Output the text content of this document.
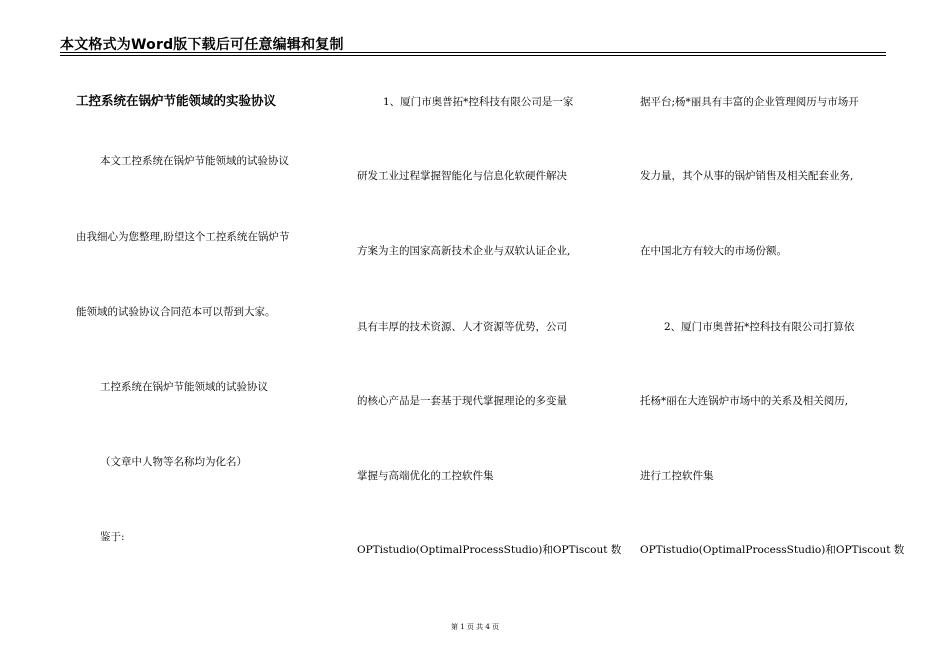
本文格式为Word版下载后可任意编辑和复制
工控系统在锅炉节能领域的实验协议
本文工控系统在锅炉节能领域的试验协议
由我细心为您整理,盼望这个工控系统在锅炉节
能领域的试验协议合同范本可以帮到大家。
工控系统在锅炉节能领域的试验协议
（文章中人物等名称均为化名）
鉴于:
1、厦门市奥普拓*控科技有限公司是一家
研发工业过程掌握智能化与信息化软硬件解决
方案为主的国家高新技术企业与双软认证企业,
具有丰厚的技术资源、人才资源等优势，公司
的核心产品是一套基于现代掌握理论的多变量
掌握与高端优化的工控软件集
OPTistudio(OptimalProcessStudio)和OPTiscout 数
据平台;杨*丽具有丰富的企业管理阅历与市场开
发力量，其个从事的锅炉销售及相关配套业务,
在中国北方有较大的市场份额。
2、厦门市奥普拓*控科技有限公司打算依
托杨*丽在大连锅炉市场中的关系及相关阅历,
进行工控软件集
OPTistudio(OptimalProcessStudio)和OPTiscout 数
第 1 页 共 4 页
